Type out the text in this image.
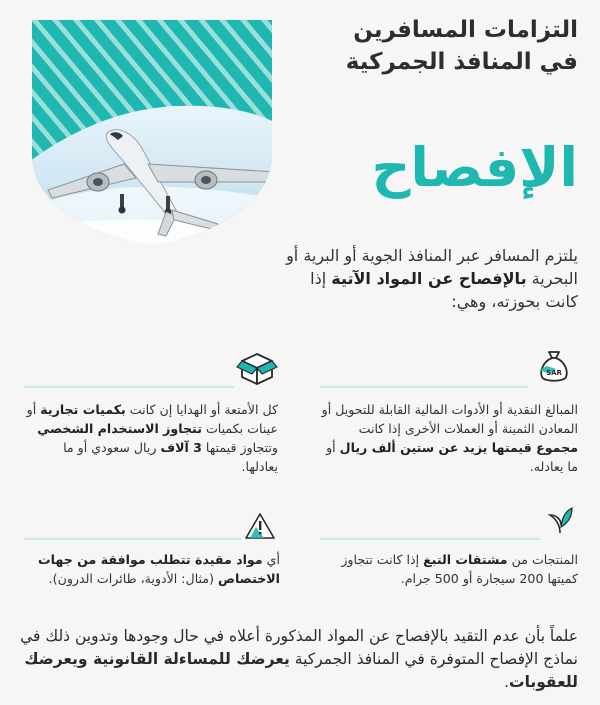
التزامات المسافرين
في المنافذ الجمركية
الإفصاح
يلتزم المسافر عبر المنافذ الجوية أو البرية أو البحرية بالإفصاح عن المواد الآتية إذا كانت بحوزته، وهي:
SAR
المبالغ النقدية أو الأدوات المالية القابلة للتحويل أو المعادن الثمينة أو العملات الأخرى إذا كانت مجموع قيمتها يزيد عن ستين ألف ريال أو ما يعادله.
كل الأمتعة أو الهدايا إن كانت بكميات تجارية أو عينات بكميات تتجاوز الاستخدام الشخصي وتتجاوز قيمتها 3 آلاف ريال سعودي أو ما يعادلها.
المنتجات من مشتقات التبغ إذا كانت تتجاوز كميتها 200 سيجارة أو 500 جرام.
أي مواد مقيدة تتطلب موافقة من جهات الاختصاص (مثال: الأدوية، طائرات الدرون).
علماً بأن عدم التقيد بالإفصاح عن المواد المذكورة أعلاه في حال وجودها وتدوين ذلك في نماذج الإفصاح المتوفرة في المنافذ الجمركية يعرضك للمساءلة القانونية ويعرضك للعقوبات.
